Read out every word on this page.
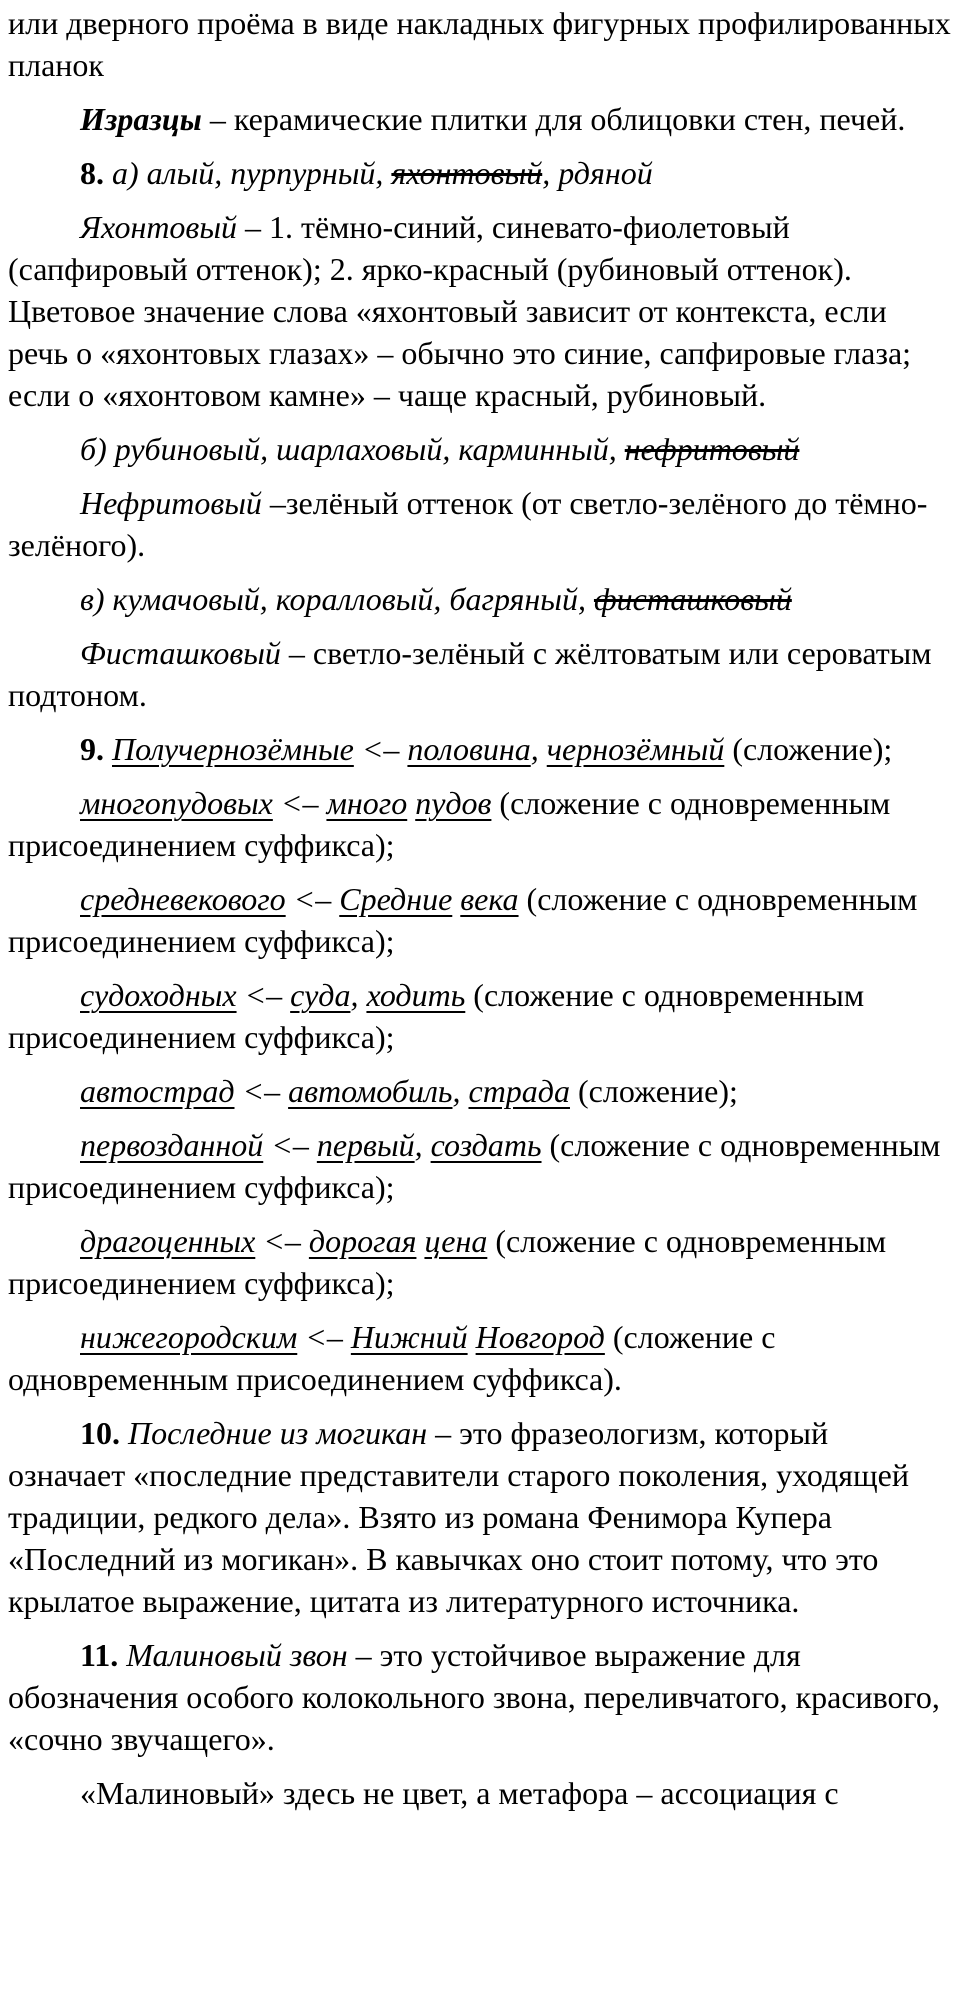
или дверного проёма в виде накладных фигурных профилированных планок

Изразцы – керамические плитки для облицовки стен, печей.

8. а) алый, пурпурный, яхонтовый, рдяной

Яхонтовый – 1. тёмно-синий, синевато-фиолетовый (сапфировый оттенок); 2. ярко-красный (рубиновый оттенок). Цветовое значение слова «яхонтовый зависит от контекста, если речь о «яхонтовых глазах» – обычно это синие, сапфировые глаза; если о «яхонтовом камне» – чаще красный, рубиновый.

б) рубиновый, шарлаховый, карминный, нефритовый

Нефритовый –зелёный оттенок (от светло-зелёного до тёмно-зелёного).

в) кумачовый, коралловый, багряный, фисташковый

Фисташковый – светло-зелёный с жёлтоватым или сероватым подтоном.

9. Получернозёмные <– половина, чернозёмный (сложение);

многопудовых <– много пудов (сложение с одновременным присоединением суффикса);

средневекового <– Средние века (сложение с одновременным присоединением суффикса);

судоходных <– суда, ходить (сложение с одновременным присоединением суффикса);

автострад <– автомобиль, страда (сложение);

первозданной <– первый, создать (сложение с одновременным присоединением суффикса);

драгоценных <– дорогая цена (сложение с одновременным присоединением суффикса);

нижегородским <– Нижний Новгород (сложение с одновременным присоединением суффикса).

10. Последние из могикан – это фразеологизм, который означает «последние представители старого поколения, уходящей традиции, редкого дела». Взято из романа Фенимора Купера «Последний из могикан». В кавычках оно стоит потому, что это крылатое выражение, цитата из литературного источника.

11. Малиновый звон – это устойчивое выражение для обозначения особого колокольного звона, переливчатого, красивого, «сочно звучащего».

«Малиновый» здесь не цвет, а метафора – ассоциация с
